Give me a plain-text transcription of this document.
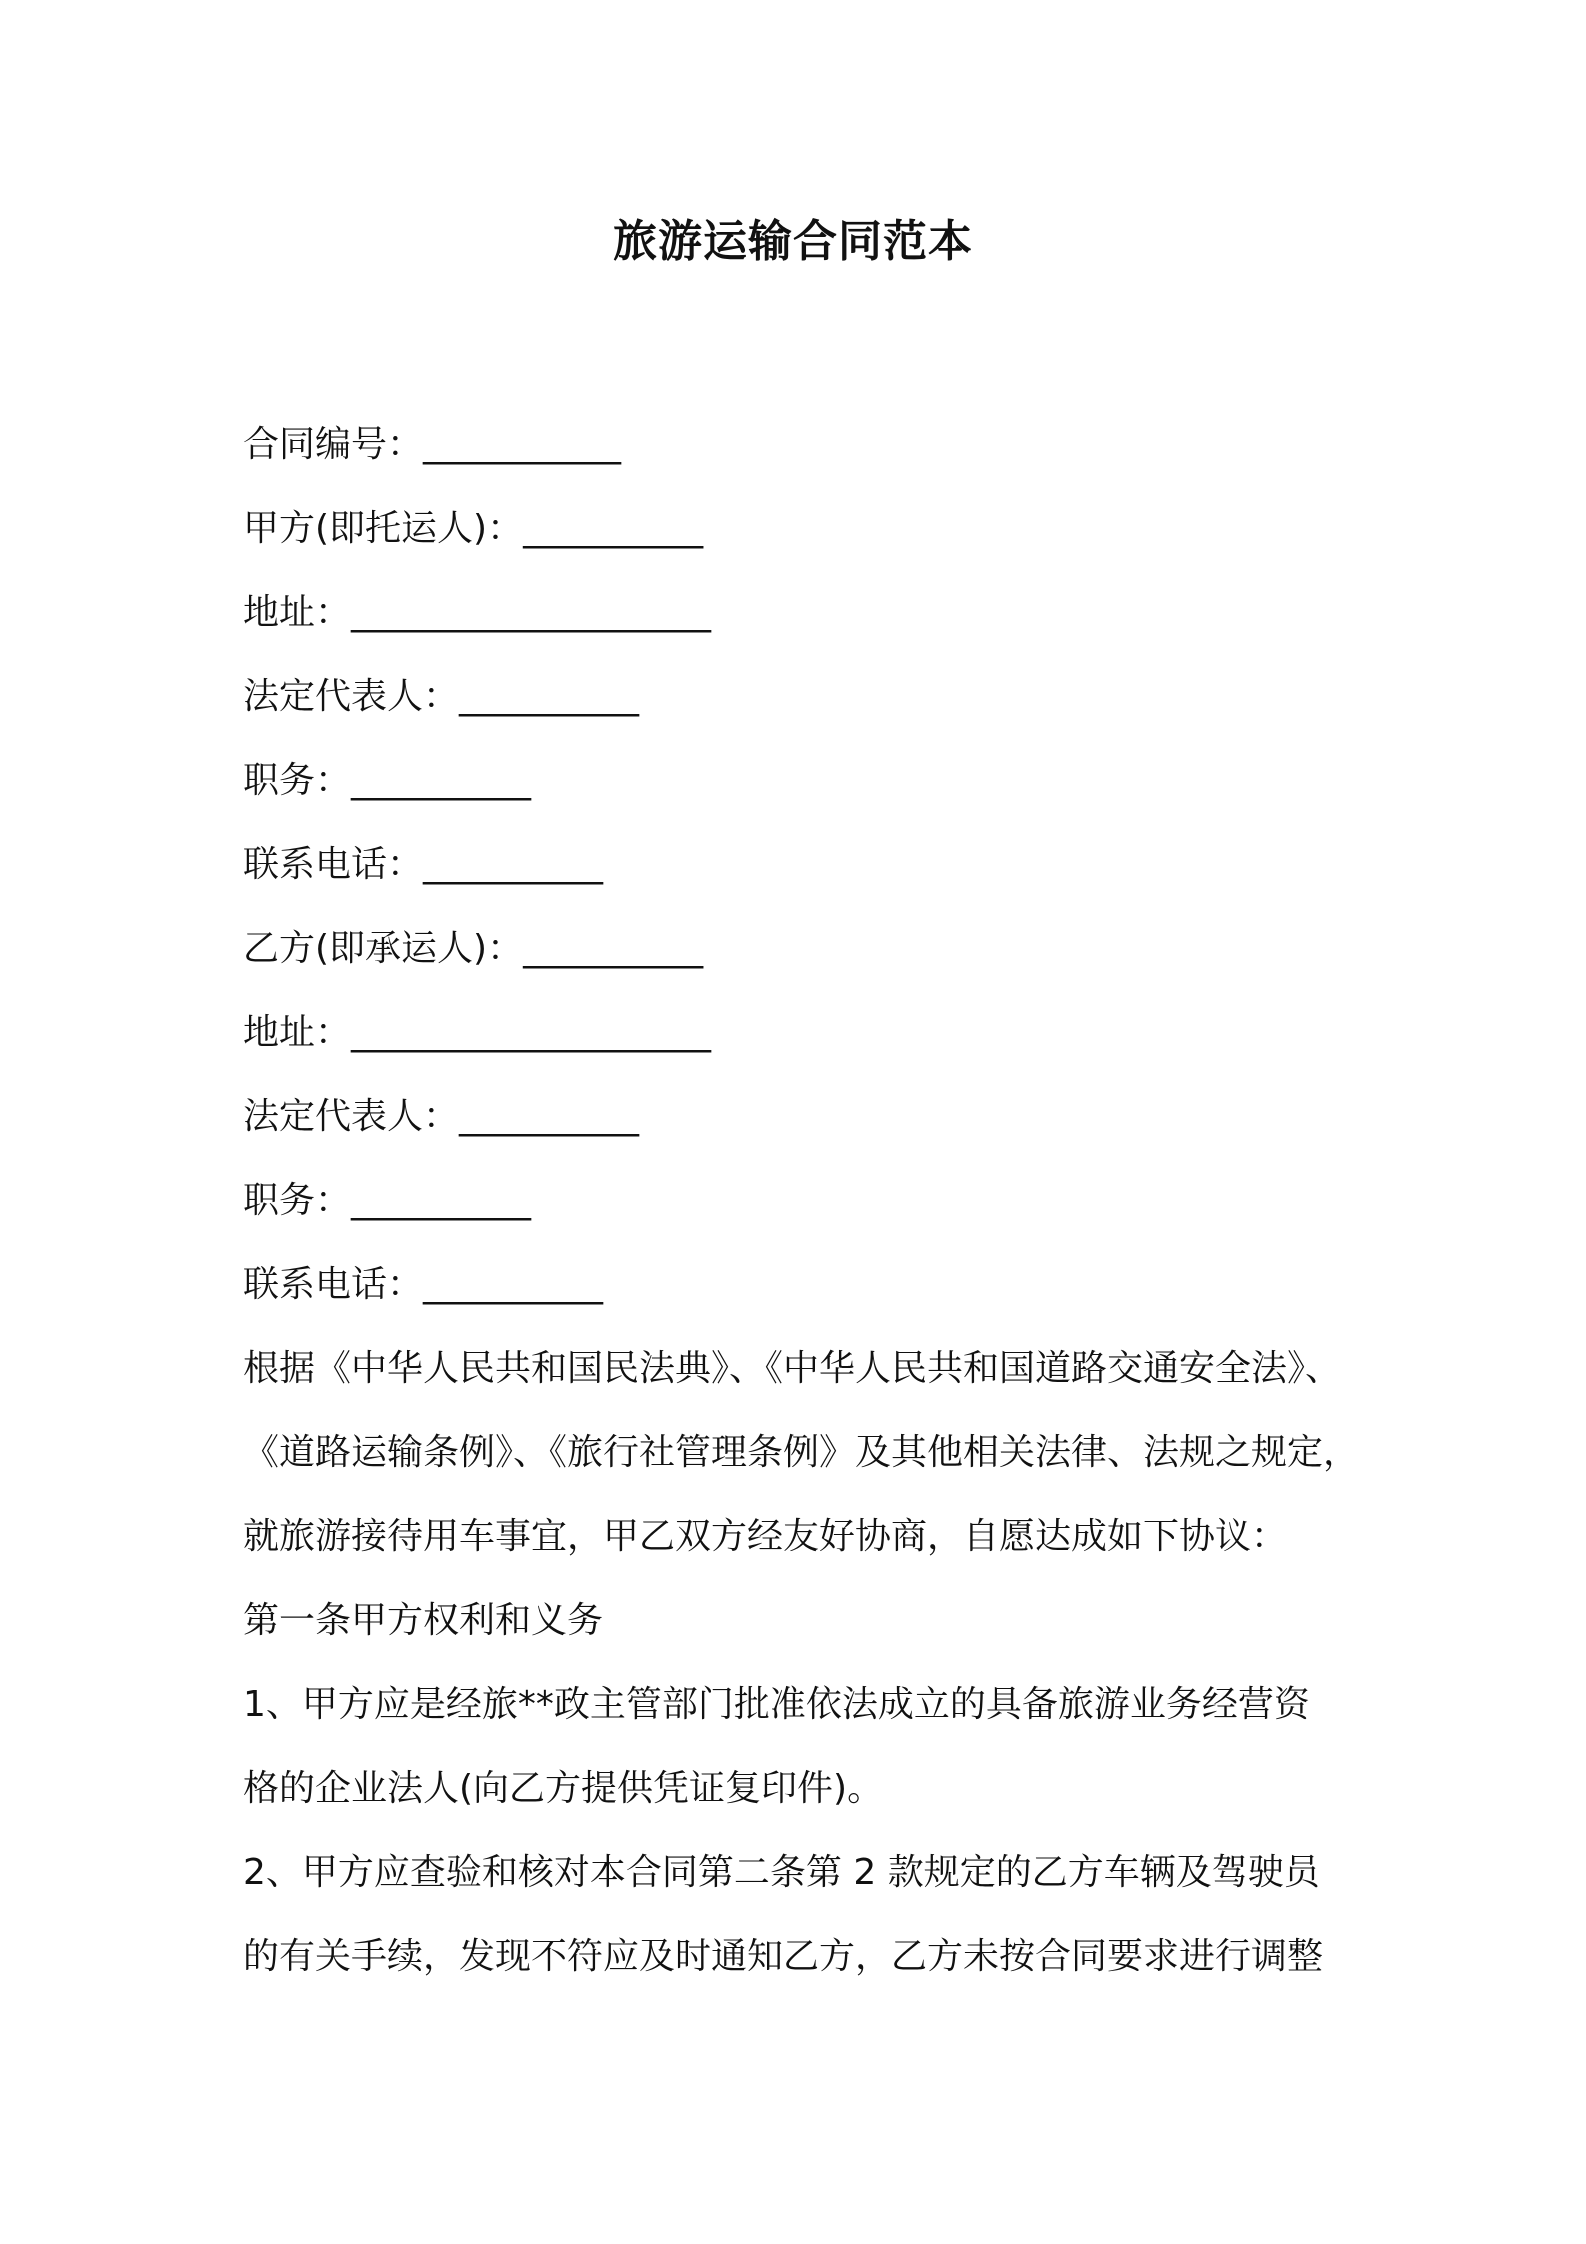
旅游运输合同范本
合同编号：___________
甲方(即托运人)：__________
地址：____________________
法定代表人：__________
职务：__________
联系电话：__________
乙方(即承运人)：__________
地址：____________________
法定代表人：__________
职务：__________
联系电话：__________
根据《中华人民共和国民法典》、《中华人民共和国道路交通安全法》、
《道路运输条例》、《旅行社管理条例》及其他相关法律、法规之规定，
就旅游接待用车事宜，甲乙双方经友好协商，自愿达成如下协议：
第一条甲方权利和义务
1、甲方应是经旅**政主管部门批准依法成立的具备旅游业务经营资
格的企业法人(向乙方提供凭证复印件)。
2、甲方应查验和核对本合同第二条第 2 款规定的乙方车辆及驾驶员
的有关手续，发现不符应及时通知乙方，乙方未按合同要求进行调整
